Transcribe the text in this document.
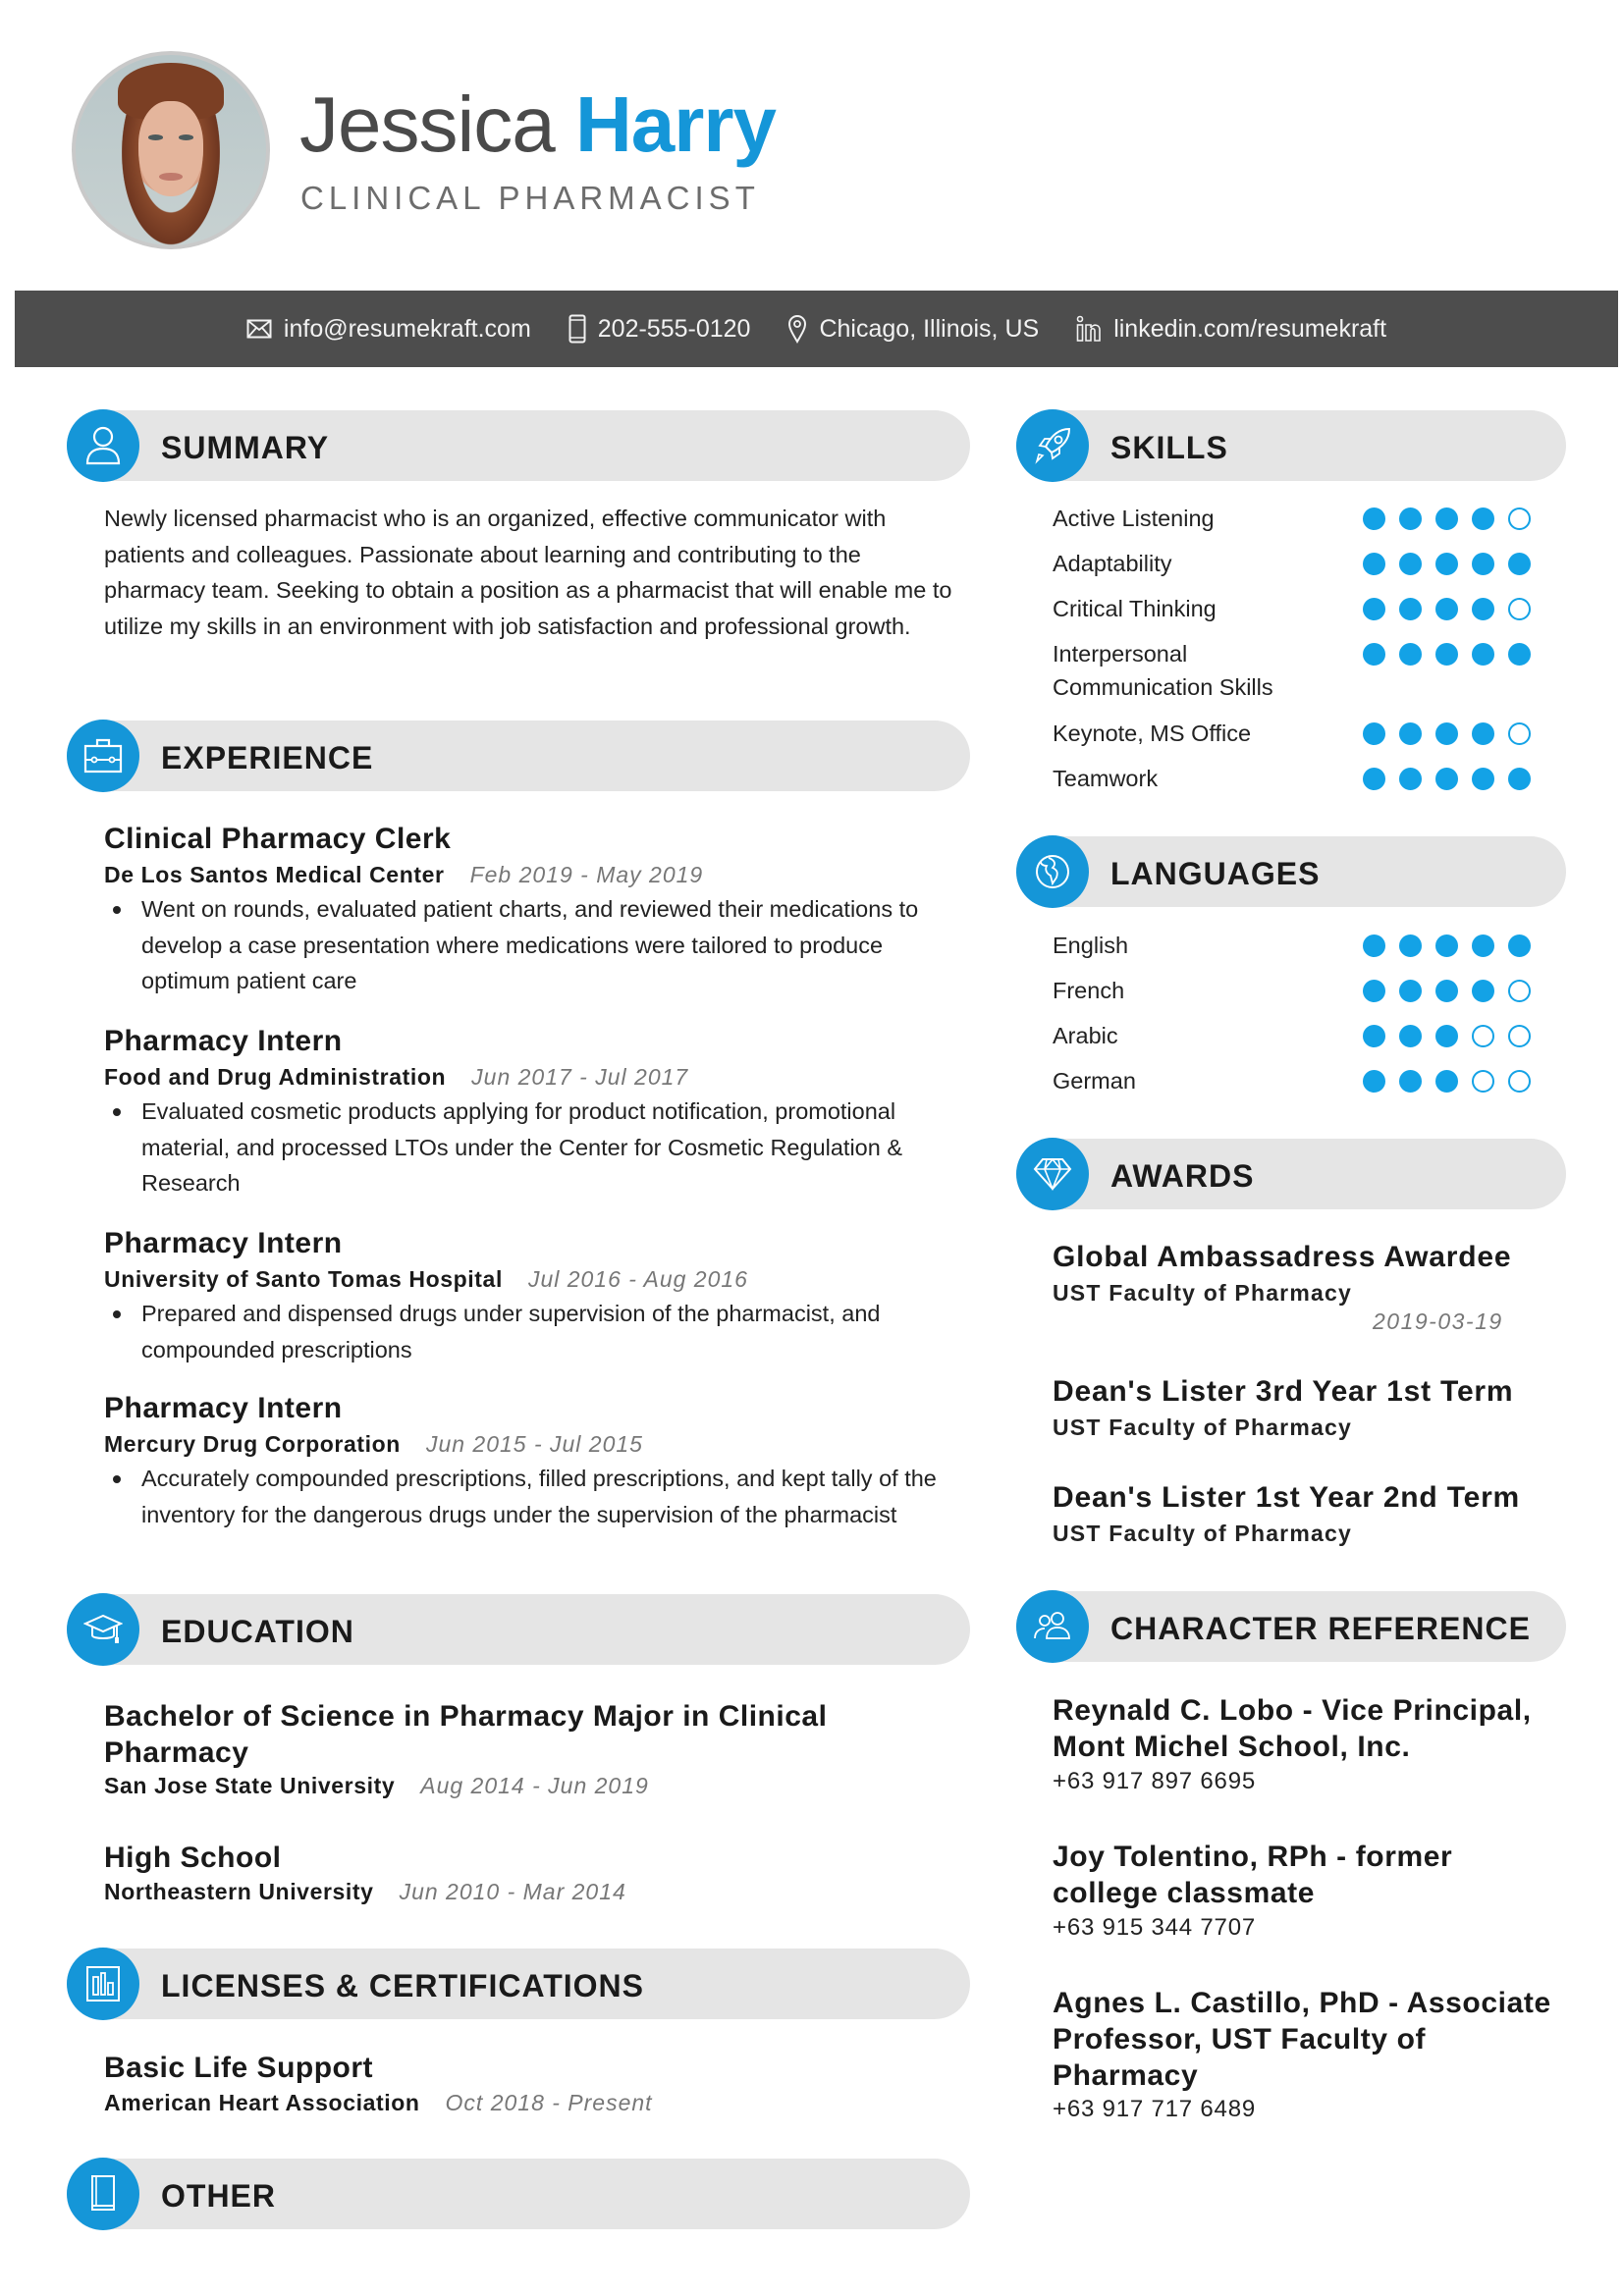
Jessica Harry
CLINICAL PHARMACIST
info@resumekraft.com	202-555-0120	Chicago, Illinois, US	linkedin.com/resumekraft
SUMMARY
Newly licensed pharmacist who is an organized, effective communicator with patients and colleagues. Passionate about learning and contributing to the pharmacy team. Seeking to obtain a position as a pharmacist that will enable me to utilize my skills in an environment with job satisfaction and professional growth.
EXPERIENCE
Clinical Pharmacy Clerk
De Los Santos Medical Center Feb 2019 - May 2019
Went on rounds, evaluated patient charts, and reviewed their medications to develop a case presentation where medications were tailored to produce optimum patient care
Pharmacy Intern
Food and Drug Administration Jun 2017 - Jul 2017
Evaluated cosmetic products applying for product notification, promotional material, and processed LTOs under the Center for Cosmetic Regulation & Research
Pharmacy Intern
University of Santo Tomas Hospital Jul 2016 - Aug 2016
Prepared and dispensed drugs under supervision of the pharmacist, and compounded prescriptions
Pharmacy Intern
Mercury Drug Corporation Jun 2015 - Jul 2015
Accurately compounded prescriptions, filled prescriptions, and kept tally of the inventory for the dangerous drugs under the supervision of the pharmacist
EDUCATION
Bachelor of Science in Pharmacy Major in Clinical Pharmacy
San Jose State University Aug 2014 - Jun 2019
High School
Northeastern University Jun 2010 - Mar 2014
LICENSES & CERTIFICATIONS
Basic Life Support
American Heart Association Oct 2018 - Present
OTHER
SKILLS
Active Listening
Adaptability
Critical Thinking
Interpersonal Communication Skills
Keynote, MS Office
Teamwork
LANGUAGES
English
French
Arabic
German
AWARDS
Global Ambassadress Awardee
UST Faculty of Pharmacy
2019-03-19
Dean's Lister 3rd Year 1st Term
UST Faculty of Pharmacy
Dean's Lister 1st Year 2nd Term
UST Faculty of Pharmacy
CHARACTER REFERENCE
Reynald C. Lobo - Vice Principal, Mont Michel School, Inc.
+63 917 897 6695
Joy Tolentino, RPh - former college classmate
+63 915 344 7707
Agnes L. Castillo, PhD - Associate Professor, UST Faculty of Pharmacy
+63 917 717 6489
